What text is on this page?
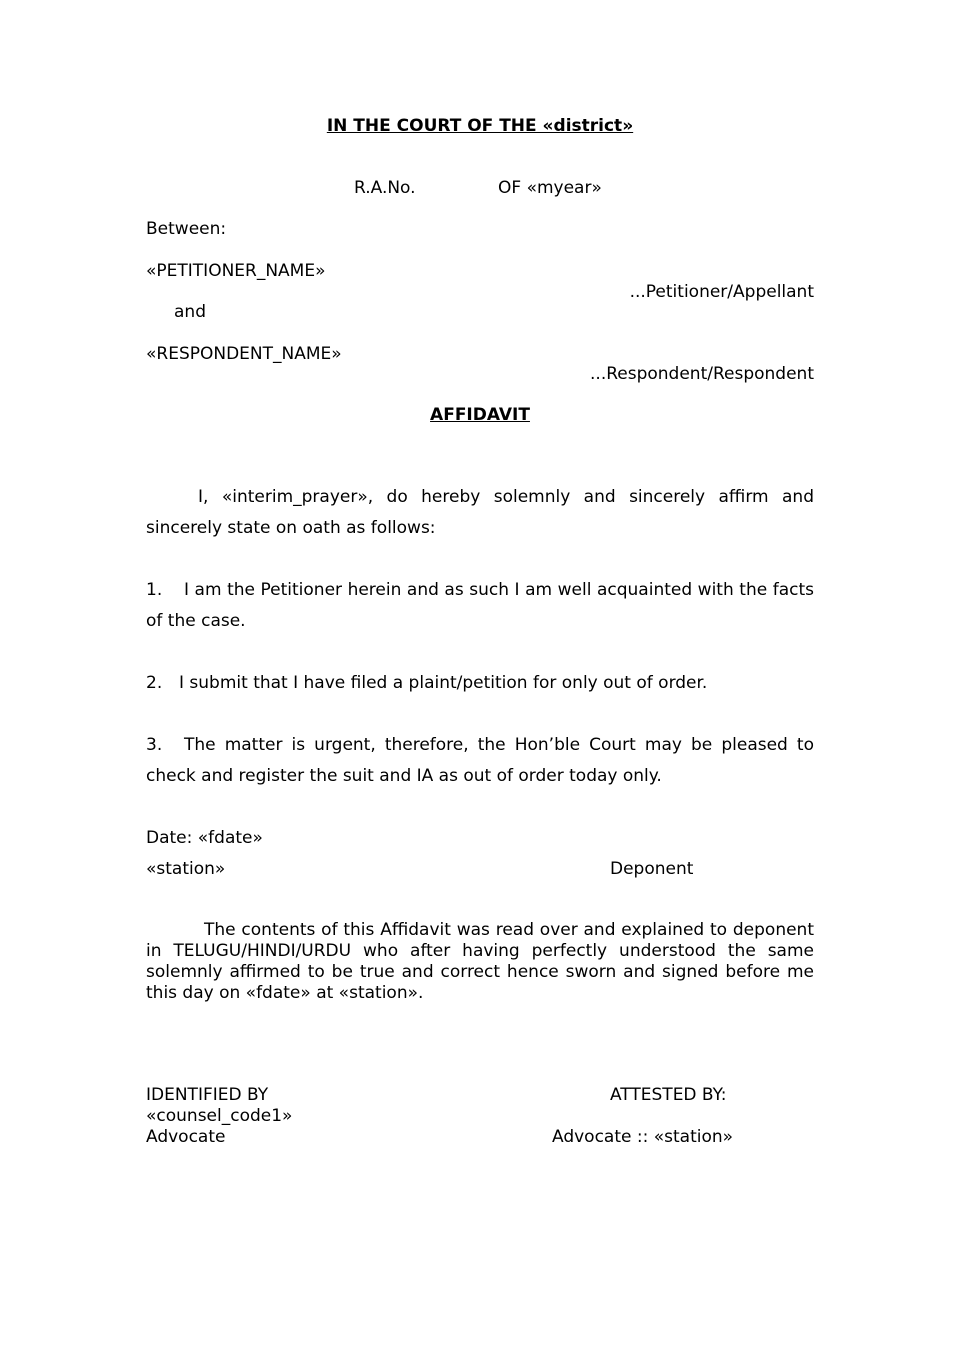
IN THE COURT OF THE «district»
R.A.No.	OF «myear»
Between:
«PETITIONER_NAME»
...Petitioner/Appellant
and
«RESPONDENT_NAME»
...Respondent/Respondent
AFFIDAVIT
I, «interim_prayer», do hereby solemnly and sincerely affirm and sincerely state on oath as follows:
1. I am the Petitioner herein and as such I am well acquainted with the facts of the case.
2. I submit that I have filed a plaint/petition for only out of order.
3. The matter is urgent, therefore, the Hon’ble Court may be pleased to check and register the suit and IA as out of order today only.
Date: «fdate»
«station»	Deponent
The contents of this Affidavit was read over and explained to deponent in TELUGU/HINDI/URDU who after having perfectly understood the same solemnly affirmed to be true and correct hence sworn and signed before me this day on «fdate» at «station».
IDENTIFIED BY
«counsel_code1»
Advocate
ATTESTED BY:
Advocate :: «station»
